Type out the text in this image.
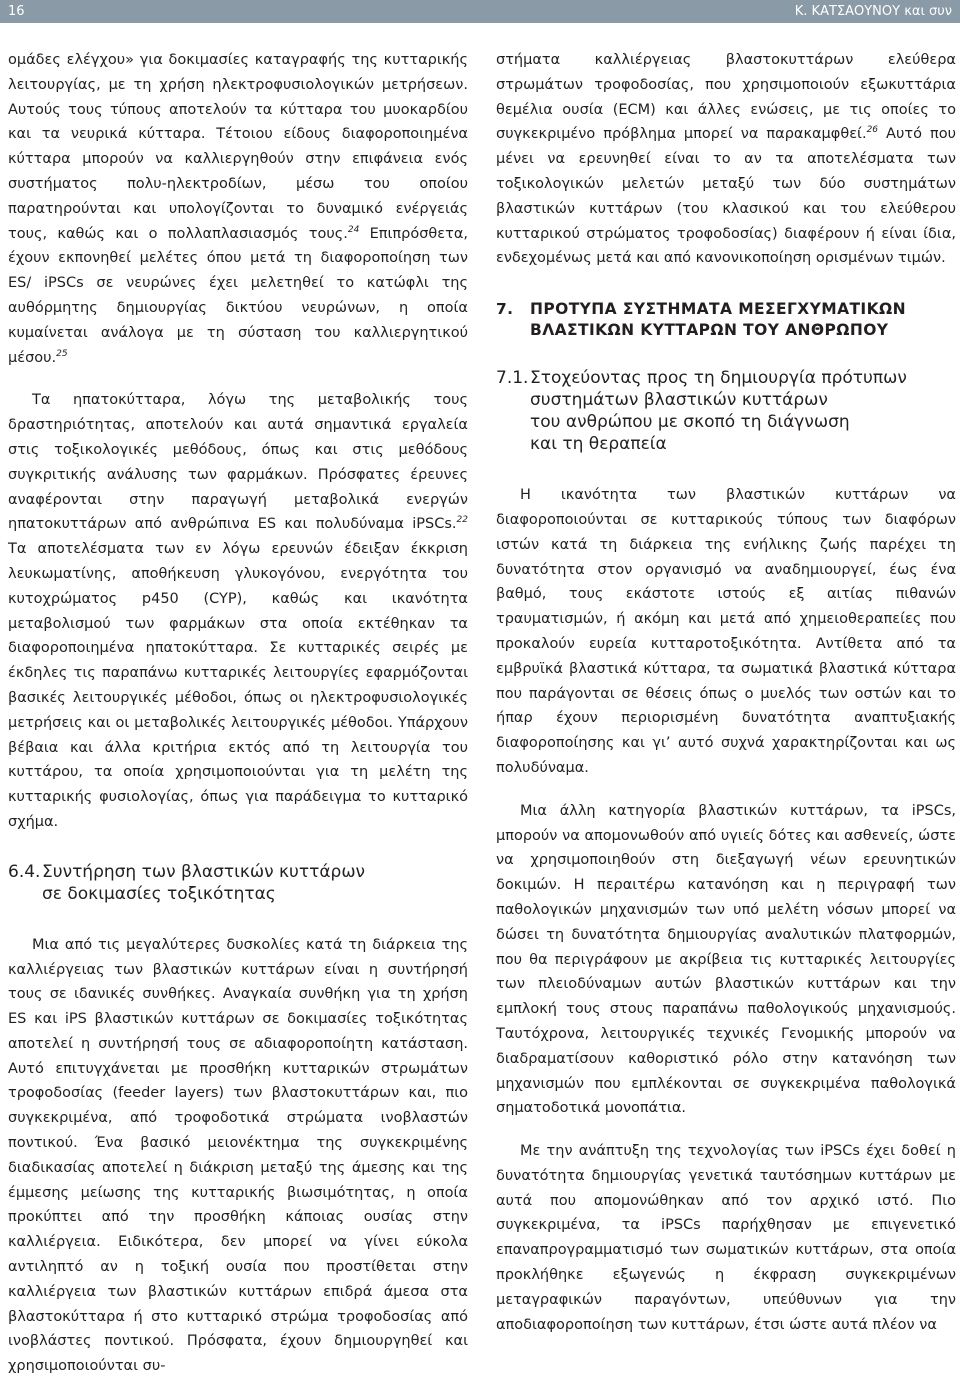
16	Κ. ΚΑΤΣΑΟΥΝΟΥ και συν

ομάδες ελέγχου» για δοκιμασίες καταγραφής της κυτταρικής λειτουργίας, με τη χρήση ηλεκτροφυσιολογικών μετρήσεων. Αυτούς τους τύπους αποτελούν τα κύτταρα του μυοκαρδίου και τα νευρικά κύτταρα. Τέτοιου είδους διαφοροποιημένα κύτταρα μπορούν να καλλιεργηθούν στην επιφάνεια ενός συστήματος πολυ-ηλεκτροδίων, μέσω του οποίου παρατηρούνται και υπολογίζονται το δυναμικό ενέργειάς τους, καθώς και ο πολλαπλασιασμός τους.$^{24}$ Επιπρόσθετα, έχουν εκπονηθεί μελέτες όπου μετά τη διαφοροποίηση των ES/ iPSCs σε νευρώνες έχει μελετηθεί το κατώφλι της αυθόρμητης δημιουργίας δικτύου νευρώνων, η οποία κυμαίνεται ανάλογα με τη σύσταση του καλλιεργητικού μέσου.$^{25}$

Τα ηπατοκύτταρα, λόγω της μεταβολικής τους δραστηριότητας, αποτελούν και αυτά σημαντικά εργαλεία στις τοξικολογικές μεθόδους, όπως και στις μεθόδους συγκριτικής ανάλυσης των φαρμάκων. Πρόσφατες έρευνες αναφέρονται στην παραγωγή μεταβολικά ενεργών ηπατοκυττάρων από ανθρώπινα ES και πολυδύναμα iPSCs.$^{22}$ Τα αποτελέσματα των εν λόγω ερευνών έδειξαν έκκριση λευκωματίνης, αποθήκευση γλυκογόνου, ενεργότητα του κυτοχρώματος p450 (CYP), καθώς και ικανότητα μεταβολισμού των φαρμάκων στα οποία εκτέθηκαν τα διαφοροποιημένα ηπατοκύτταρα. Σε κυτταρικές σειρές με έκδηλες τις παραπάνω κυτταρικές λειτουργίες εφαρμόζονται βασικές λειτουργικές μέθοδοι, όπως οι ηλεκτροφυσιολογικές μετρήσεις και οι μεταβολικές λειτουργικές μέθοδοι. Υπάρχουν βέβαια και άλλα κριτήρια εκτός από τη λειτουργία του κυττάρου, τα οποία χρησιμοποιούνται για τη μελέτη της κυτταρικής φυσιολογίας, όπως για παράδειγμα το κυτταρικό σχήμα.

6.4.Συντήρηση των βλαστικών κυττάρων
σε δοκιμασίες τοξικότητας

Μια από τις μεγαλύτερες δυσκολίες κατά τη διάρκεια της καλλιέργειας των βλαστικών κυττάρων είναι η συντήρησή τους σε ιδανικές συνθήκες. Αναγκαία συνθήκη για τη χρήση ES και iPS βλαστικών κυττάρων σε δοκιμασίες τοξικότητας αποτελεί η συντήρησή τους σε αδιαφοροποίητη κατάσταση. Αυτό επιτυγχάνεται με προσθήκη κυτταρικών στρωμάτων τροφοδοσίας (feeder layers) των βλαστοκυττάρων και, πιο συγκεκριμένα, από τροφοδοτικά στρώματα ινοβλαστών ποντικού. Ένα βασικό μειονέκτημα της συγκεκριμένης διαδικασίας αποτελεί η διάκριση μεταξύ της άμεσης και της έμμεσης μείωσης της κυτταρικής βιωσιμότητας, η οποία προκύπτει από την προσθήκη κάποιας ουσίας στην καλλιέργεια. Ειδικότερα, δεν μπορεί να γίνει εύκολα αντιληπτό αν η τοξική ουσία που προστίθεται στην καλλιέργεια των βλαστικών κυττάρων επιδρά άμεσα στα βλαστοκύτταρα ή στο κυτταρικό στρώμα τροφοδοσίας από ινοβλάστες ποντικού. Πρόσφατα, έχουν δημιουργηθεί και χρησιμοποιούνται συ-

στήματα καλλιέργειας βλαστοκυττάρων ελεύθερα στρωμάτων τροφοδοσίας, που χρησιμοποιούν εξωκυττάρια θεμέλια ουσία (ECM) και άλλες ενώσεις, με τις οποίες το συγκεκριμένο πρόβλημα μπορεί να παρακαμφθεί.$^{26}$ Αυτό που μένει να ερευνηθεί είναι το αν τα αποτελέσματα των τοξικολογικών μελετών μεταξύ των δύο συστημάτων βλαστικών κυττάρων (του κλασικού και του ελεύθερου κυτταρικού στρώματος τροφοδοσίας) διαφέρουν ή είναι ίδια, ενδεχομένως μετά και από κανονικοποίηση ορισμένων τιμών.

7. ΠΡΟΤΥΠΑ ΣΥΣΤΗΜΑΤΑ ΜΕΣΕΓΧΥΜΑΤΙΚΩΝ
ΒΛΑΣΤΙΚΩΝ ΚΥΤΤΑΡΩΝ ΤΟΥ ΑΝΘΡΩΠΟΥ
7.1.Στοχεύοντας προς τη δημιουργία πρότυπων
συστημάτων βλαστικών κυττάρων
του ανθρώπου με σκοπό τη διάγνωση
και τη θεραπεία

Η ικανότητα των βλαστικών κυττάρων να διαφοροποιούνται σε κυτταρικούς τύπους των διαφόρων ιστών κατά τη διάρκεια της ενήλικης ζωής παρέχει τη δυνατότητα στον οργανισμό να αναδημιουργεί, έως ένα βαθμό, τους εκάστοτε ιστούς εξ αιτίας πιθανών τραυματισμών, ή ακόμη και μετά από χημειοθεραπείες που προκαλούν ευρεία κυτταροτοξικότητα. Αντίθετα από τα εμβρυϊκά βλαστικά κύτταρα, τα σωματικά βλαστικά κύτταρα που παράγονται σε θέσεις όπως ο μυελός των οστών και το ήπαρ έχουν περιορισμένη δυνατότητα αναπτυξιακής διαφοροποίησης και γι’ αυτό συχνά χαρακτηρίζονται και ως πολυδύναμα.

Μια άλλη κατηγορία βλαστικών κυττάρων, τα iPSCs, μπορούν να απομονωθούν από υγιείς δότες και ασθενείς, ώστε να χρησιμοποιηθούν στη διεξαγωγή νέων ερευνητικών δοκιμών. Η περαιτέρω κατανόηση και η περιγραφή των παθολογικών μηχανισμών των υπό μελέτη νόσων μπορεί να δώσει τη δυνατότητα δημιουργίας αναλυτικών πλατφορμών, που θα περιγράφουν με ακρίβεια τις κυτταρικές λειτουργίες των πλειοδύναμων αυτών βλαστικών κυττάρων και την εμπλοκή τους στους παραπάνω παθολογικούς μηχανισμούς. Ταυτόχρονα, λειτουργικές τεχνικές Γενομικής μπορούν να διαδραματίσουν καθοριστικό ρόλο στην κατανόηση των μηχανισμών που εμπλέκονται σε συγκεκριμένα παθολογικά σηματοδοτικά μονοπάτια.

Με την ανάπτυξη της τεχνολογίας των iPSCs έχει δοθεί η δυνατότητα δημιουργίας γενετικά ταυτόσημων κυττάρων με αυτά που απομονώθηκαν από τον αρχικό ιστό. Πιο συγκεκριμένα, τα iPSCs παρήχθησαν με επιγενετικό επαναπρογραμματισμό των σωματικών κυττάρων, στα οποία προκλήθηκε εξωγενώς η έκφραση συγκεκριμένων μεταγραφικών παραγόντων, υπεύθυνων για την αποδιαφοροποίηση των κυττάρων, έτσι ώστε αυτά πλέον να
